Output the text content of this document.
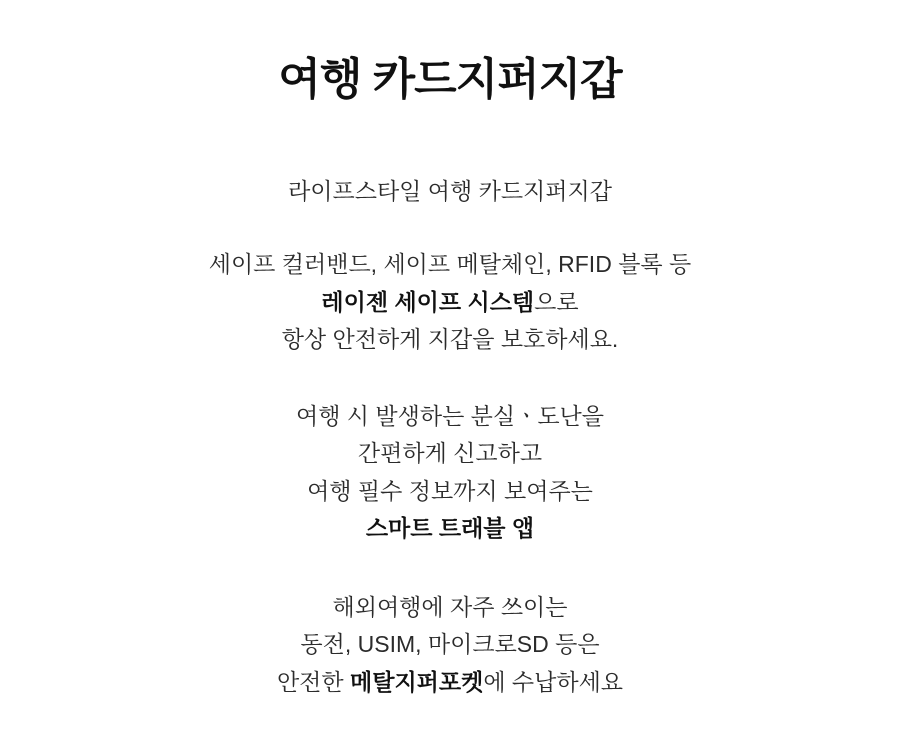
여행 카드지퍼지갑
라이프스타일 여행 카드지퍼지갑
세이프 컬러밴드, 세이프 메탈체인, RFID 블록 등
레이젠 세이프 시스템으로
항상 안전하게 지갑을 보호하세요.
여행 시 발생하는 분실ㆍ도난을
간편하게 신고하고
여행 필수 정보까지 보여주는
스마트 트래블 앱
해외여행에 자주 쓰이는
동전, USIM, 마이크로SD 등은
안전한 메탈지퍼포켓에 수납하세요
